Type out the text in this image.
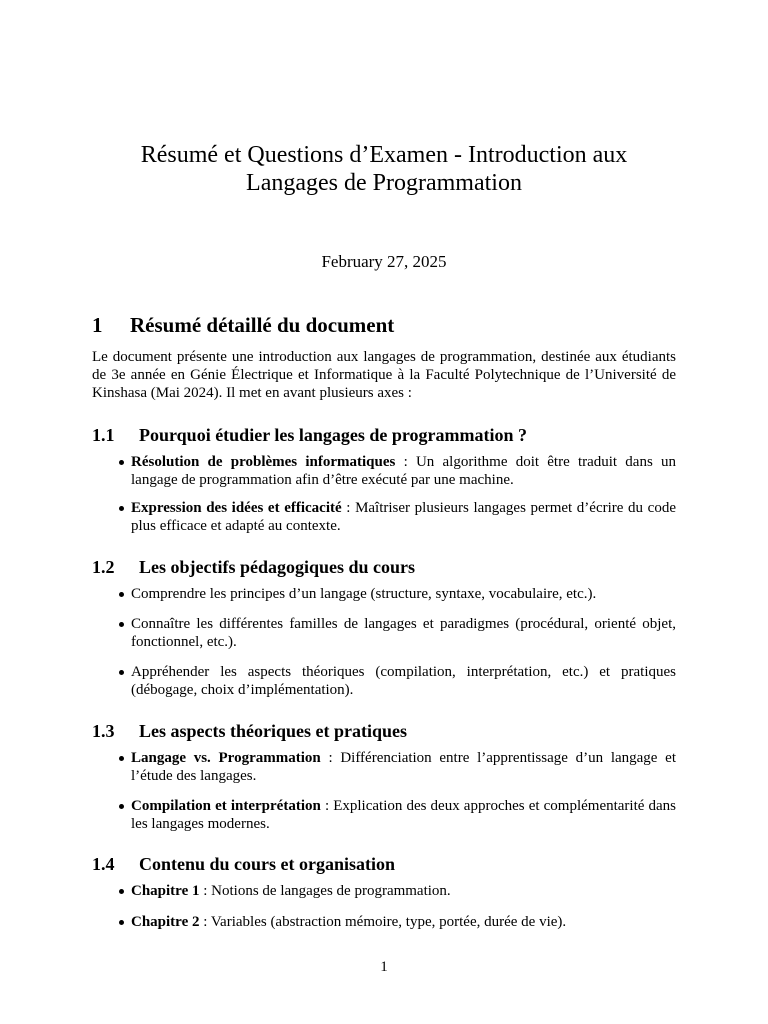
Résumé et Questions d’Examen - Introduction aux Langages de Programmation
February 27, 2025
1 Résumé détaillé du document

Le document présente une introduction aux langages de programmation, destinée aux étudiants de 3e année en Génie Électrique et Informatique à la Faculté Polytechnique de l’Université de Kinshasa (Mai 2024). Il met en avant plusieurs axes :

1.1 Pourquoi étudier les langages de programmation ?
Résolution de problèmes informatiques : Un algorithme doit être traduit dans un langage de programmation afin d’être exécuté par une machine.
Expression des idées et efficacité : Maîtriser plusieurs langages permet d’écrire du code plus efficace et adapté au contexte.
1.2 Les objectifs pédagogiques du cours
Comprendre les principes d’un langage (structure, syntaxe, vocabulaire, etc.).
Connaître les différentes familles de langages et paradigmes (procédural, orienté objet, fonctionnel, etc.).
Appréhender les aspects théoriques (compilation, interprétation, etc.) et pratiques (débogage, choix d’implémentation).
1.3 Les aspects théoriques et pratiques
Langage vs. Programmation : Différenciation entre l’apprentissage d’un langage et l’étude des langages.
Compilation et interprétation : Explication des deux approches et complémentarité dans les langages modernes.
1.4 Contenu du cours et organisation
Chapitre 1 : Notions de langages de programmation.
Chapitre 2 : Variables (abstraction mémoire, type, portée, durée de vie).
1
